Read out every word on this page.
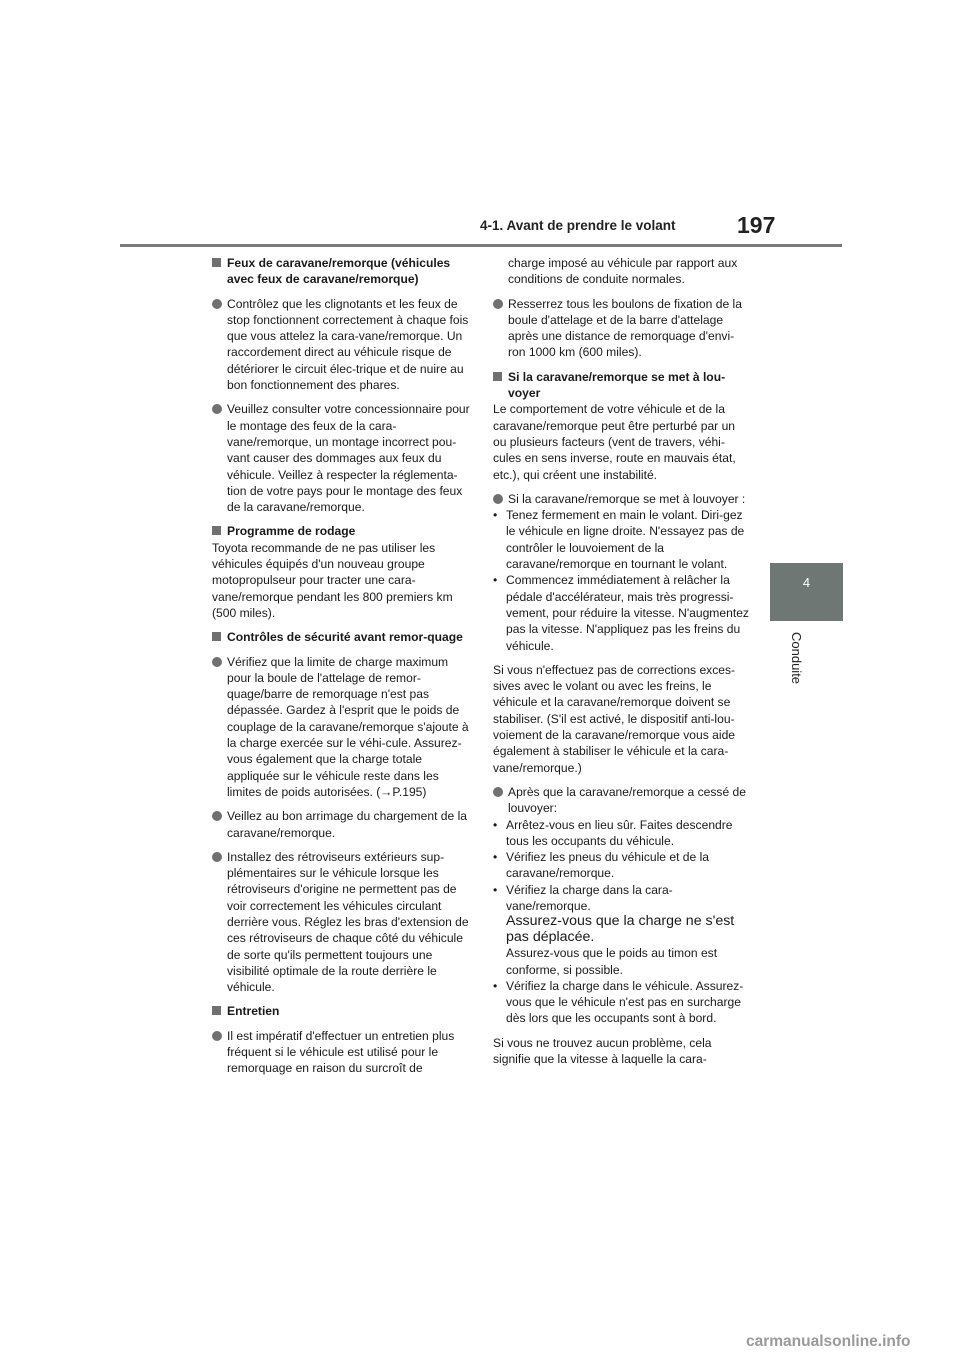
4-1. Avant de prendre le volant	197
4
Conduite
Feux de caravane/remorque (véhicules avec feux de caravane/remorque)
Contrôlez que les clignotants et les feux de stop fonctionnent correctement à chaque fois que vous attelez la cara-vane/remorque. Un raccordement direct au véhicule risque de détériorer le circuit élec-trique et de nuire au bon fonctionnement des phares.
Veuillez consulter votre concessionnaire pour le montage des feux de la cara-vane/remorque, un montage incorrect pou-vant causer des dommages aux feux du véhicule. Veillez à respecter la réglementa-tion de votre pays pour le montage des feux de la caravane/remorque.
Programme de rodage
Toyota recommande de ne pas utiliser les véhicules équipés d'un nouveau groupe motopropulseur pour tracter une cara-vane/remorque pendant les 800 premiers km (500 miles).
Contrôles de sécurité avant remor-quage
Vérifiez que la limite de charge maximum pour la boule de l'attelage de remor-quage/barre de remorquage n'est pas dépassée. Gardez à l'esprit que le poids de couplage de la caravane/remorque s'ajoute à la charge exercée sur le véhi-cule. Assurez-vous également que la charge totale appliquée sur le véhicule reste dans les limites de poids autorisées. (→P.195)
Veillez au bon arrimage du chargement de la caravane/remorque.
Installez des rétroviseurs extérieurs sup-plémentaires sur le véhicule lorsque les rétroviseurs d'origine ne permettent pas de voir correctement les véhicules circulant derrière vous. Réglez les bras d'extension de ces rétroviseurs de chaque côté du véhicule de sorte qu'ils permettent toujours une visibilité optimale de la route derrière le véhicule.
Entretien
Il est impératif d'effectuer un entretien plus fréquent si le véhicule est utilisé pour le remorquage en raison du surcroît de
charge imposé au véhicule par rapport aux conditions de conduite normales.
Resserrez tous les boulons de fixation de la boule d'attelage et de la barre d'attelage après une distance de remorquage d'envi-ron 1000 km (600 miles).
Si la caravane/remorque se met à lou-voyer
Le comportement de votre véhicule et de la caravane/remorque peut être perturbé par un ou plusieurs facteurs (vent de travers, véhi-cules en sens inverse, route en mauvais état, etc.), qui créent une instabilité.
Si la caravane/remorque se met à louvoyer :
• Tenez fermement en main le volant. Diri-gez le véhicule en ligne droite. N'essayez pas de contrôler le louvoiement de la caravane/remorque en tournant le volant.
• Commencez immédiatement à relâcher la pédale d'accélérateur, mais très progressi-vement, pour réduire la vitesse. N'augmentez pas la vitesse. N'appliquez pas les freins du véhicule.
Si vous n'effectuez pas de corrections exces-sives avec le volant ou avec les freins, le véhicule et la caravane/remorque doivent se stabiliser. (S'il est activé, le dispositif anti-lou-voiement de la caravane/remorque vous aide également à stabiliser le véhicule et la cara-vane/remorque.)
Après que la caravane/remorque a cessé de louvoyer:
• Arrêtez-vous en lieu sûr. Faites descendre tous les occupants du véhicule.
• Vérifiez les pneus du véhicule et de la caravane/remorque.
• Vérifiez la charge dans la cara-vane/remorque.
Assurez-vous que la charge ne s'est pas déplacée.
Assurez-vous que le poids au timon est conforme, si possible.
• Vérifiez la charge dans le véhicule. Assurez-vous que le véhicule n'est pas en surcharge dès lors que les occupants sont à bord.
Si vous ne trouvez aucun problème, cela signifie que la vitesse à laquelle la cara-
carmanualsonline.info
